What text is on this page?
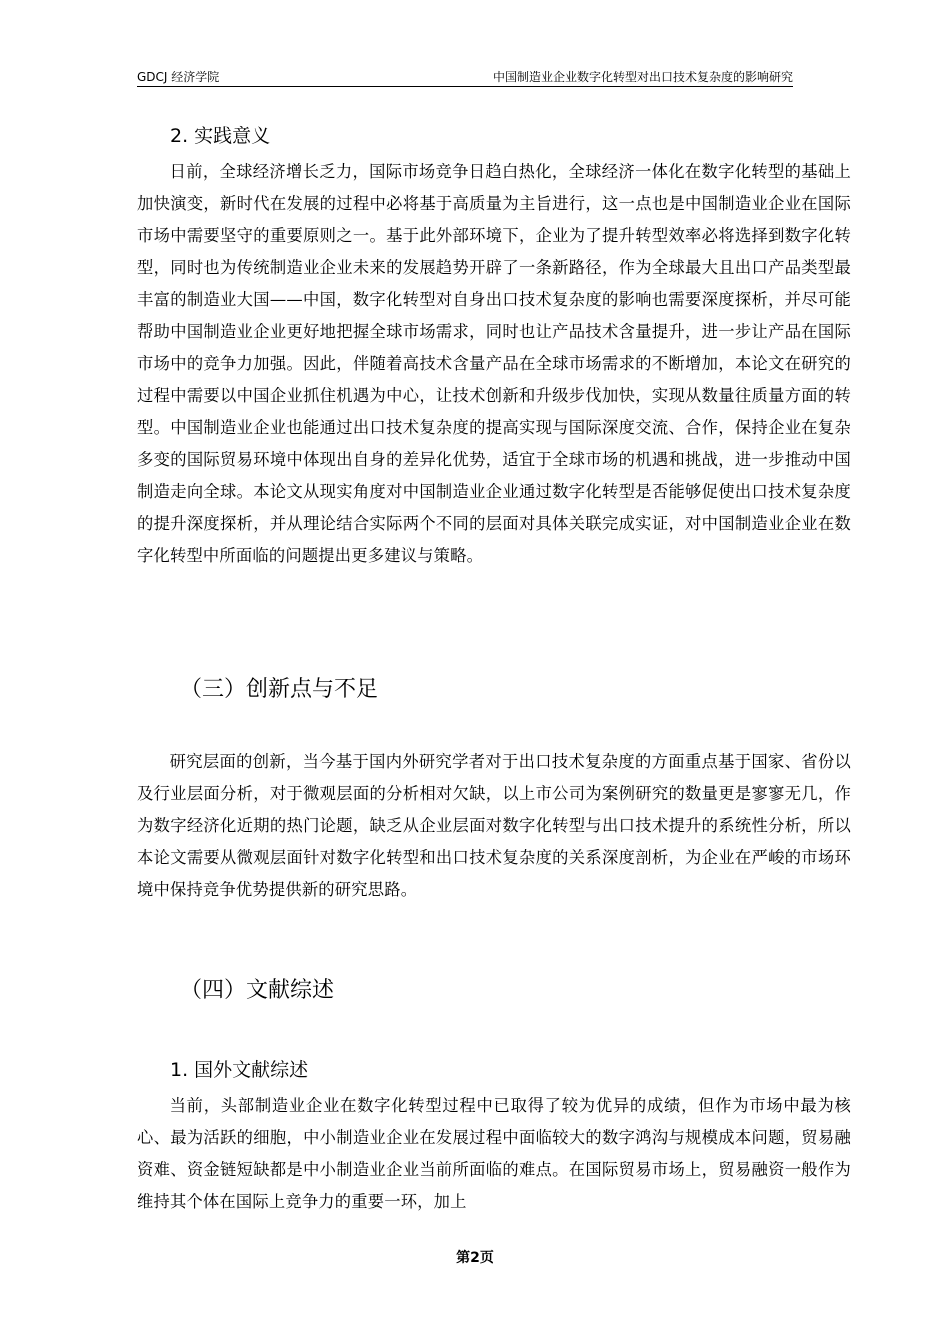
GDCJ 经济学院	中国制造业企业数字化转型对出口技术复杂度的影响研究
2. 实践意义

日前，全球经济增长乏力，国际市场竞争日趋白热化，全球经济一体化在数字化转型的基础上加快演变，新时代在发展的过程中必将基于高质量为主旨进行，这一点也是中国制造业企业在国际市场中需要坚守的重要原则之一。基于此外部环境下，企业为了提升转型效率必将选择到数字化转型，同时也为传统制造业企业未来的发展趋势开辟了一条新路径，作为全球最大且出口产品类型最丰富的制造业大国——中国，数字化转型对自身出口技术复杂度的影响也需要深度探析，并尽可能帮助中国制造业企业更好地把握全球市场需求，同时也让产品技术含量提升，进一步让产品在国际市场中的竞争力加强。因此，伴随着高技术含量产品在全球市场需求的不断增加，本论文在研究的过程中需要以中国企业抓住机遇为中心，让技术创新和升级步伐加快，实现从数量往质量方面的转型。中国制造业企业也能通过出口技术复杂度的提高实现与国际深度交流、合作，保持企业在复杂多变的国际贸易环境中体现出自身的差异化优势，适宜于全球市场的机遇和挑战，进一步推动中国制造走向全球。本论文从现实角度对中国制造业企业通过数字化转型是否能够促使出口技术复杂度的提升深度探析，并从理论结合实际两个不同的层面对具体关联完成实证，对中国制造业企业在数字化转型中所面临的问题提出更多建议与策略。

（三）创新点与不足

研究层面的创新，当今基于国内外研究学者对于出口技术复杂度的方面重点基于国家、省份以及行业层面分析，对于微观层面的分析相对欠缺，以上市公司为案例研究的数量更是寥寥无几，作为数字经济化近期的热门论题，缺乏从企业层面对数字化转型与出口技术提升的系统性分析，所以本论文需要从微观层面针对数字化转型和出口技术复杂度的关系深度剖析，为企业在严峻的市场环境中保持竞争优势提供新的研究思路。

（四）文献综述
1. 国外文献综述

当前，头部制造业企业在数字化转型过程中已取得了较为优异的成绩，但作为市场中最为核心、最为活跃的细胞，中小制造业企业在发展过程中面临较大的数字鸿沟与规模成本问题，贸易融资难、资金链短缺都是中小制造业企业当前所面临的难点。在国际贸易市场上，贸易融资一般作为维持其个体在国际上竞争力的重要一环，加上

第2页
